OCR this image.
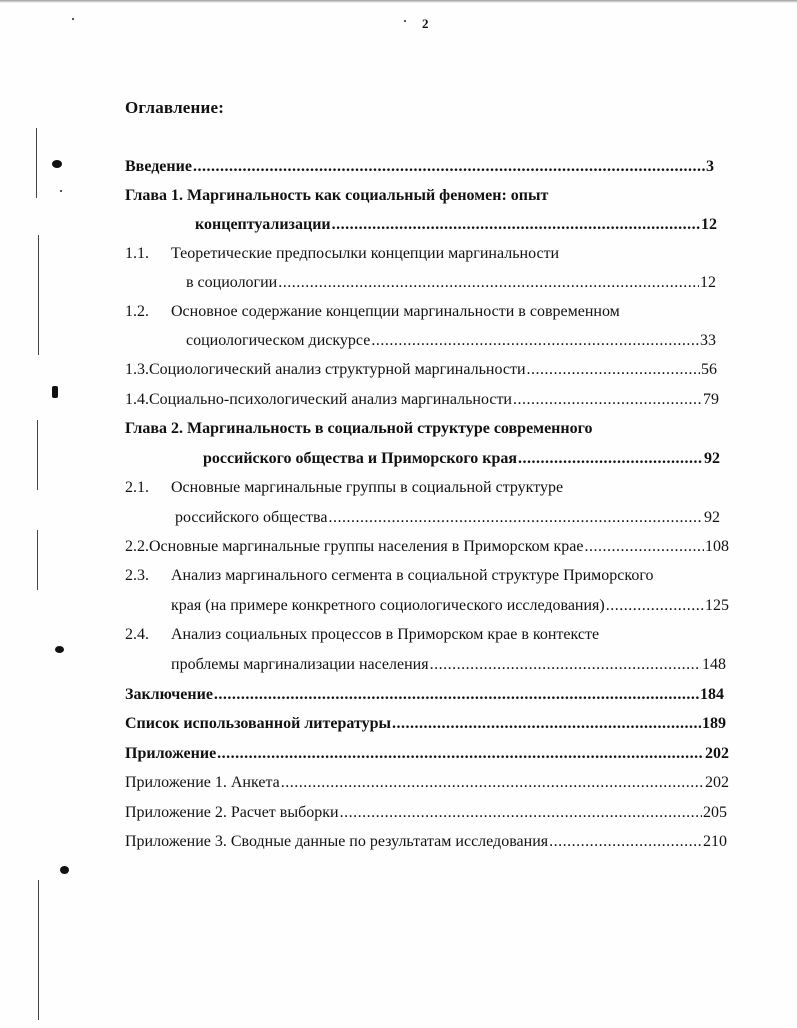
2
Оглавление:
Введение .....	3
Глава 1. Маргинальность как социальный феномен: опыт
концептуализации .....	12
1.1.	Теоретические предпосылки концепции маргинальности
в социологии .....	12
1.2.	Основное содержание концепции маргинальности в современном
социологическом дискурсе .....	33
1.3. Социологический анализ структурной маргинальности .....	56
1.4. Социально-психологический анализ маргинальности .....	79
Глава 2. Маргинальность в социальной структуре современного
российского общества и Приморского края .....	92
2.1.	Основные маргинальные группы в социальной структуре
российского общества .....	92
2.2. Основные маргинальные группы населения в Приморском крае .....	108
2.3.	Анализ маргинального сегмента в социальной структуре Приморского
края (на примере конкретного социологического исследования) .....	125
2.4.	Анализ социальных процессов в Приморском крае в контексте
проблемы маргинализации населения .....	148
Заключение .....	184
Список использованной литературы .....	189
Приложение .....	202
Приложение 1. Анкета .....	202
Приложение 2. Расчет выборки .....	205
Приложение 3. Сводные данные по результатам исследования .....	210
